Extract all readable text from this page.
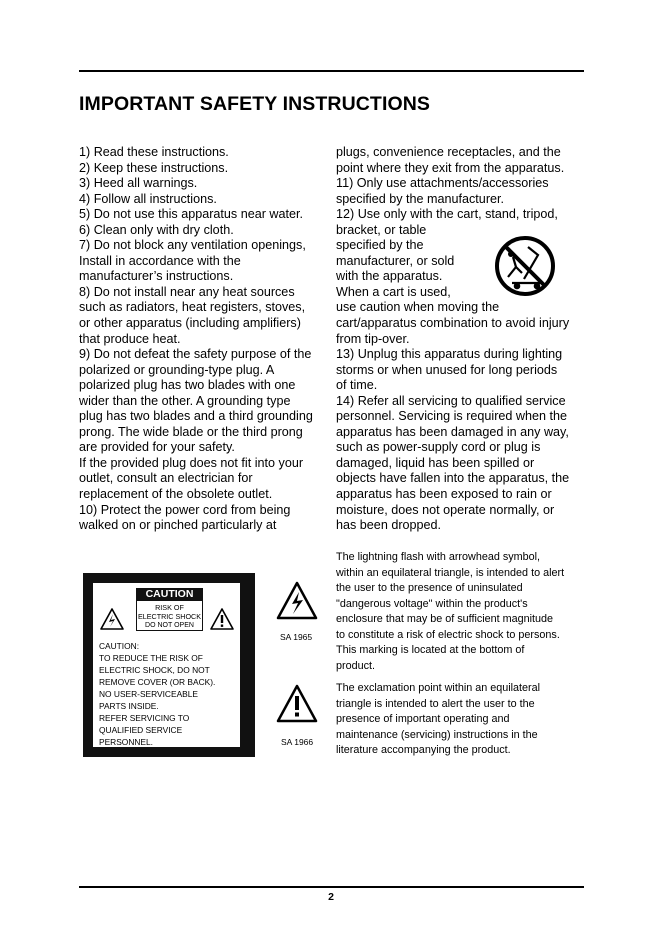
IMPORTANT SAFETY INSTRUCTIONS
1) Read these instructions.
2) Keep these instructions.
3) Heed all warnings.
4) Follow all instructions.
5) Do not use this apparatus near water.
6) Clean only with dry cloth.
7) Do not block any ventilation openings,
Install in accordance with the
manufacturer’s instructions.
8) Do not install near any heat sources
such as radiators, heat registers, stoves,
or other apparatus (including amplifiers)
that produce heat.
9) Do not defeat the safety purpose of the
polarized or grounding-type plug. A
polarized plug has two blades with one
wider than the other. A grounding type
plug has two blades and a third grounding
prong. The wide blade or the third prong
are provided for your safety.
If the provided plug does not fit into your
outlet, consult an electrician for
replacement of the obsolete outlet.
10) Protect the power cord from being
walked on or pinched particularly at
plugs, convenience receptacles, and the
point where they exit from the apparatus.
11) Only use attachments/accessories
specified by the manufacturer.
12) Use only with the cart, stand, tripod,
bracket, or table
specified by the
manufacturer, or sold
with the apparatus.
When a cart is used,
use caution when moving the
cart/apparatus combination to avoid injury
from tip-over.
13) Unplug this apparatus during lighting
storms or when unused for long periods
of time.
14) Refer all servicing to qualified service
personnel. Servicing is required when the
apparatus has been damaged in any way,
such as power-supply cord or plug is
damaged, liquid has been spilled or
objects have fallen into the apparatus, the
apparatus has been exposed to rain or
moisture, does not operate normally, or
has been dropped.
CAUTION
RISK OF
ELECTRIC SHOCK
DO NOT OPEN
CAUTION:
TO REDUCE THE RISK OF
ELECTRIC SHOCK, DO NOT
REMOVE COVER (OR BACK).
NO USER-SERVICEABLE
PARTS INSIDE.
REFER SERVICING TO
QUALIFIED SERVICE
PERSONNEL.
SA 1965
SA 1966
The lightning flash with arrowhead symbol,
within an equilateral triangle, is intended to alert
the user to the presence of uninsulated
"dangerous voltage" within the product's
enclosure that may be of sufficient magnitude
to constitute a risk of electric shock to persons.
This marking is located at the bottom of
product.
The exclamation point within an equilateral
triangle is intended to alert the user to the
presence of important operating and
maintenance (servicing) instructions in the
literature accompanying the product.
2
